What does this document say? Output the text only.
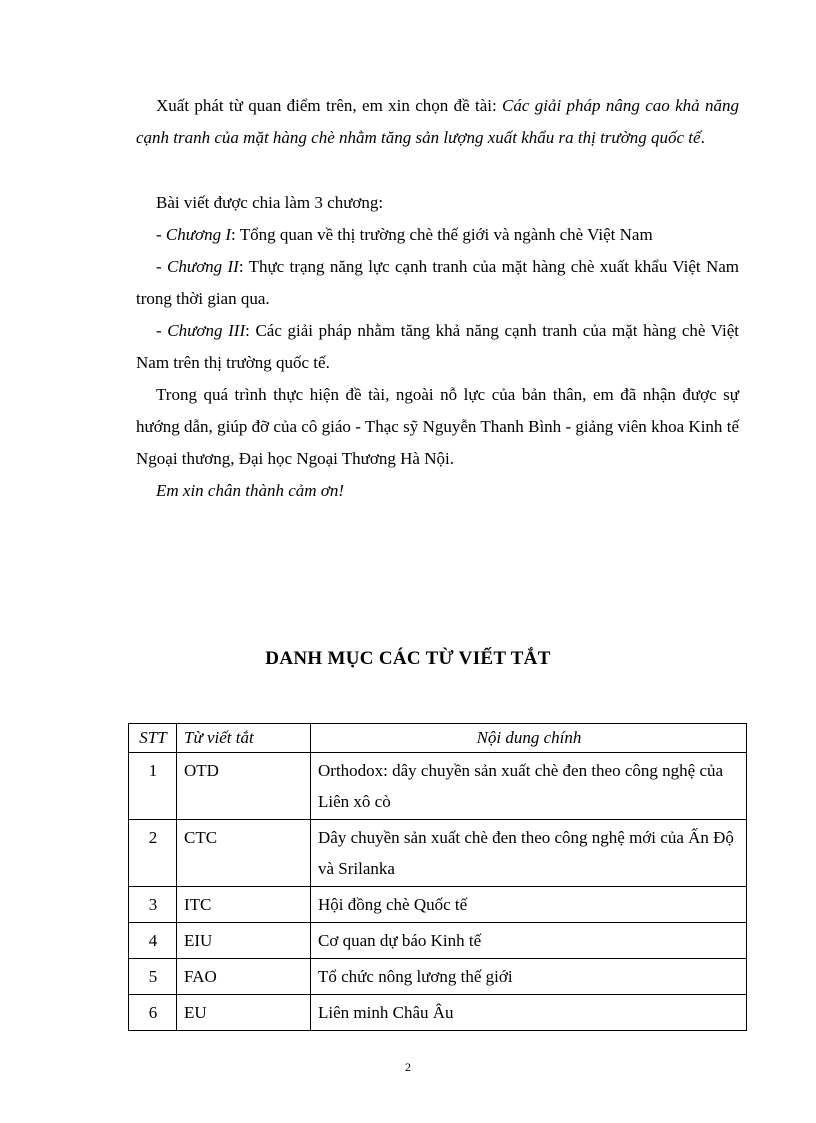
Xuất phát từ quan điểm trên, em xin chọn đề tài: Các giải pháp nâng cao khả năng cạnh tranh của mặt hàng chè nhằm tăng sản lượng xuất khẩu ra thị trường quốc tế.

Bài viết được chia làm 3 chương:

- Chương I: Tổng quan về thị trường chè thế giới và ngành chè Việt Nam

- Chương II: Thực trạng năng lực cạnh tranh của mặt hàng chè xuất khẩu Việt Nam trong thời gian qua.

- Chương III: Các giải pháp nhằm tăng khả năng cạnh tranh của mặt hàng chè Việt Nam trên thị trường quốc tế.

Trong quá trình thực hiện đề tài, ngoài nỗ lực của bản thân, em đã nhận được sự hướng dẫn, giúp đỡ của cô giáo - Thạc sỹ Nguyễn Thanh Bình - giảng viên khoa Kinh tế Ngoại thương, Đại học Ngoại Thương Hà Nội.

Em xin chân thành cảm ơn!

DANH MỤC CÁC TỪ VIẾT TẮT
STT	Từ viết tắt	Nội dung chính
1	OTD	Orthodox: dây chuyền sản xuất chè đen theo công nghệ của Liên xô cò
2	CTC	Dây chuyền sản xuất chè đen theo công nghệ mới của Ấn Độ và Srilanka
3	ITC	Hội đồng chè Quốc tế
4	EIU	Cơ quan dự báo Kinh tế
5	FAO	Tổ chức nông lương thế giới
6	EU	Liên minh Châu Âu
2
